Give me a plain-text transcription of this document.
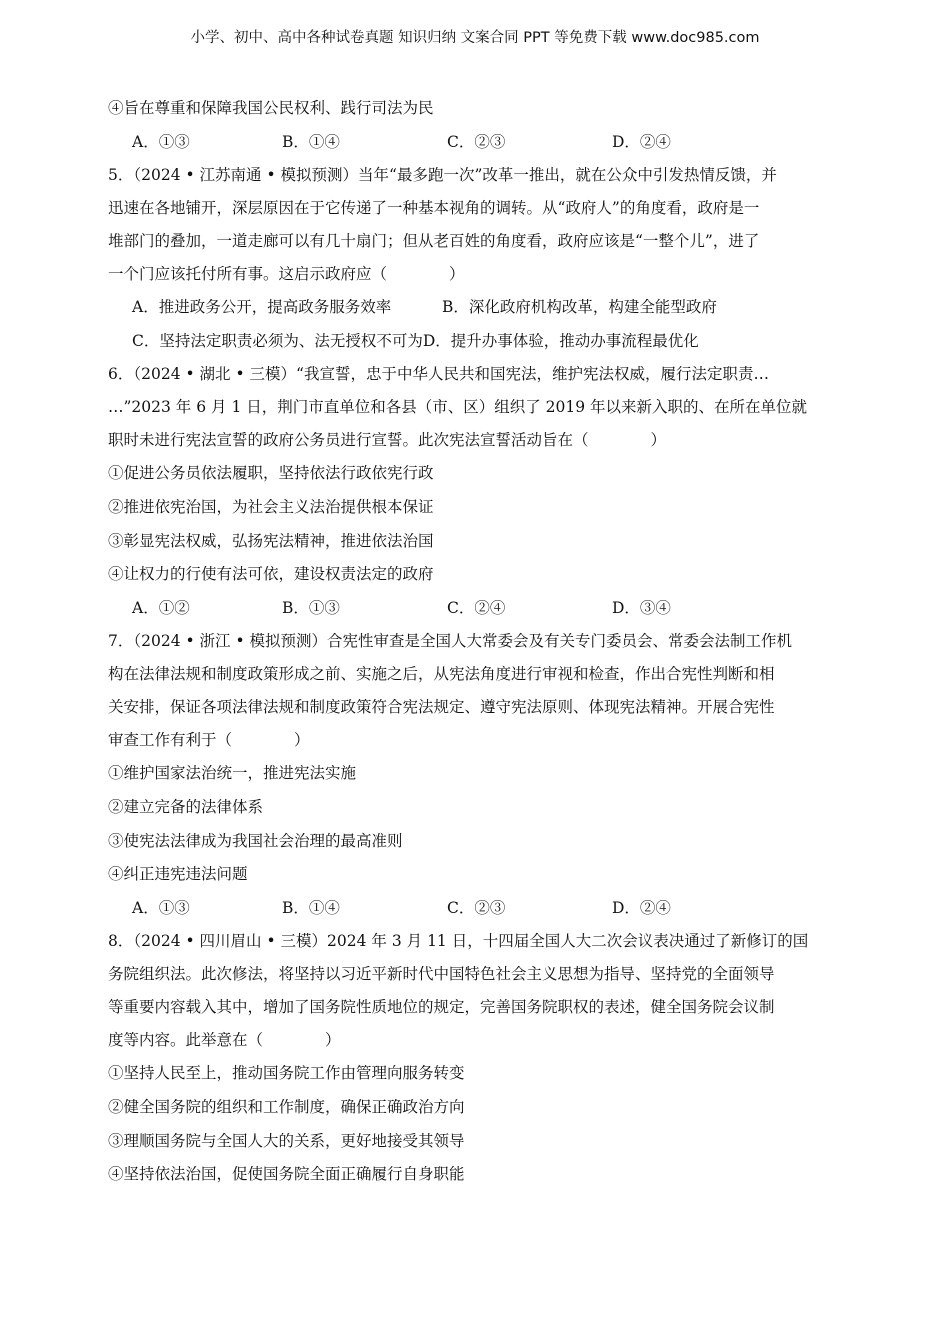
小学、初中、高中各种试卷真题 知识归纳 文案合同 PPT 等免费下载 www.doc985.com
④旨在尊重和保障我国公民权利、践行司法为民
A．①③	B．①④	C．②③	D．②④
5．（2024 • 江苏南通 • 模拟预测）当年“最多跑一次”改革一推出，就在公众中引发热情反馈，并
迅速在各地铺开，深层原因在于它传递了一种基本视角的调转。从“政府人”的角度看，政府是一
堆部门的叠加，一道走廊可以有几十扇门；但从老百姓的角度看，政府应该是“一整个儿”，进了
一个门应该托付所有事。这启示政府应（　　　　）
A．推进政务公开，提高政务服务效率	B．深化政府机构改革，构建全能型政府
C．坚持法定职责必须为、法无授权不可为D．提升办事体验，推动办事流程最优化
6．（2024 • 湖北 • 三模）“我宣誓，忠于中华人民共和国宪法，维护宪法权威，履行法定职责…
…”2023 年 6 月 1 日，荆门市直单位和各县（市、区）组织了 2019 年以来新入职的、在所在单位就
职时未进行宪法宣誓的政府公务员进行宣誓。此次宪法宣誓活动旨在（　　　　）
①促进公务员依法履职，坚持依法行政依宪行政
②推进依宪治国，为社会主义法治提供根本保证
③彰显宪法权威，弘扬宪法精神，推进依法治国
④让权力的行使有法可依，建设权责法定的政府
A．①②	B．①③	C．②④	D．③④
7．（2024 • 浙江 • 模拟预测）合宪性审查是全国人大常委会及有关专门委员会、常委会法制工作机
构在法律法规和制度政策形成之前、实施之后，从宪法角度进行审视和检查，作出合宪性判断和相
关安排，保证各项法律法规和制度政策符合宪法规定、遵守宪法原则、体现宪法精神。开展合宪性
审查工作有利于（　　　　）
①维护国家法治统一，推进宪法实施
②建立完备的法律体系
③使宪法法律成为我国社会治理的最高准则
④纠正违宪违法问题
A．①③	B．①④	C．②③	D．②④
8．（2024 • 四川眉山 • 三模）2024 年 3 月 11 日，十四届全国人大二次会议表决通过了新修订的国
务院组织法。此次修法，将坚持以习近平新时代中国特色社会主义思想为指导、坚持党的全面领导
等重要内容载入其中，增加了国务院性质地位的规定，完善国务院职权的表述，健全国务院会议制
度等内容。此举意在（　　　　）
①坚持人民至上，推动国务院工作由管理向服务转变
②健全国务院的组织和工作制度，确保正确政治方向
③理顺国务院与全国人大的关系，更好地接受其领导
④坚持依法治国，促使国务院全面正确履行自身职能
